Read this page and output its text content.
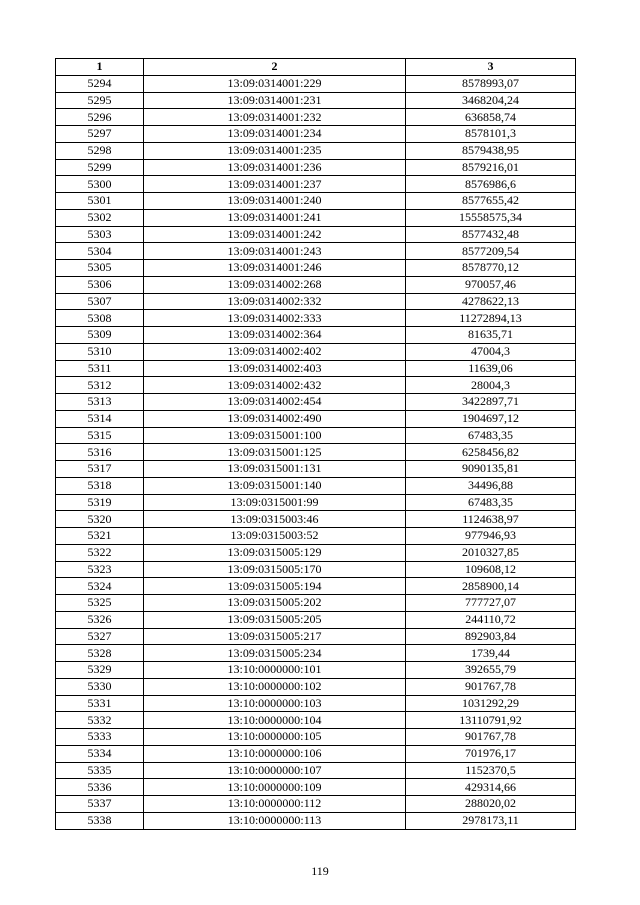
1	2	3
5294	13:09:0314001:229	8578993,07
5295	13:09:0314001:231	3468204,24
5296	13:09:0314001:232	636858,74
5297	13:09:0314001:234	8578101,3
5298	13:09:0314001:235	8579438,95
5299	13:09:0314001:236	8579216,01
5300	13:09:0314001:237	8576986,6
5301	13:09:0314001:240	8577655,42
5302	13:09:0314001:241	15558575,34
5303	13:09:0314001:242	8577432,48
5304	13:09:0314001:243	8577209,54
5305	13:09:0314001:246	8578770,12
5306	13:09:0314002:268	970057,46
5307	13:09:0314002:332	4278622,13
5308	13:09:0314002:333	11272894,13
5309	13:09:0314002:364	81635,71
5310	13:09:0314002:402	47004,3
5311	13:09:0314002:403	11639,06
5312	13:09:0314002:432	28004,3
5313	13:09:0314002:454	3422897,71
5314	13:09:0314002:490	1904697,12
5315	13:09:0315001:100	67483,35
5316	13:09:0315001:125	6258456,82
5317	13:09:0315001:131	9090135,81
5318	13:09:0315001:140	34496,88
5319	13:09:0315001:99	67483,35
5320	13:09:0315003:46	1124638,97
5321	13:09:0315003:52	977946,93
5322	13:09:0315005:129	2010327,85
5323	13:09:0315005:170	109608,12
5324	13:09:0315005:194	2858900,14
5325	13:09:0315005:202	777727,07
5326	13:09:0315005:205	244110,72
5327	13:09:0315005:217	892903,84
5328	13:09:0315005:234	1739,44
5329	13:10:0000000:101	392655,79
5330	13:10:0000000:102	901767,78
5331	13:10:0000000:103	1031292,29
5332	13:10:0000000:104	13110791,92
5333	13:10:0000000:105	901767,78
5334	13:10:0000000:106	701976,17
5335	13:10:0000000:107	1152370,5
5336	13:10:0000000:109	429314,66
5337	13:10:0000000:112	288020,02
5338	13:10:0000000:113	2978173,11
119
